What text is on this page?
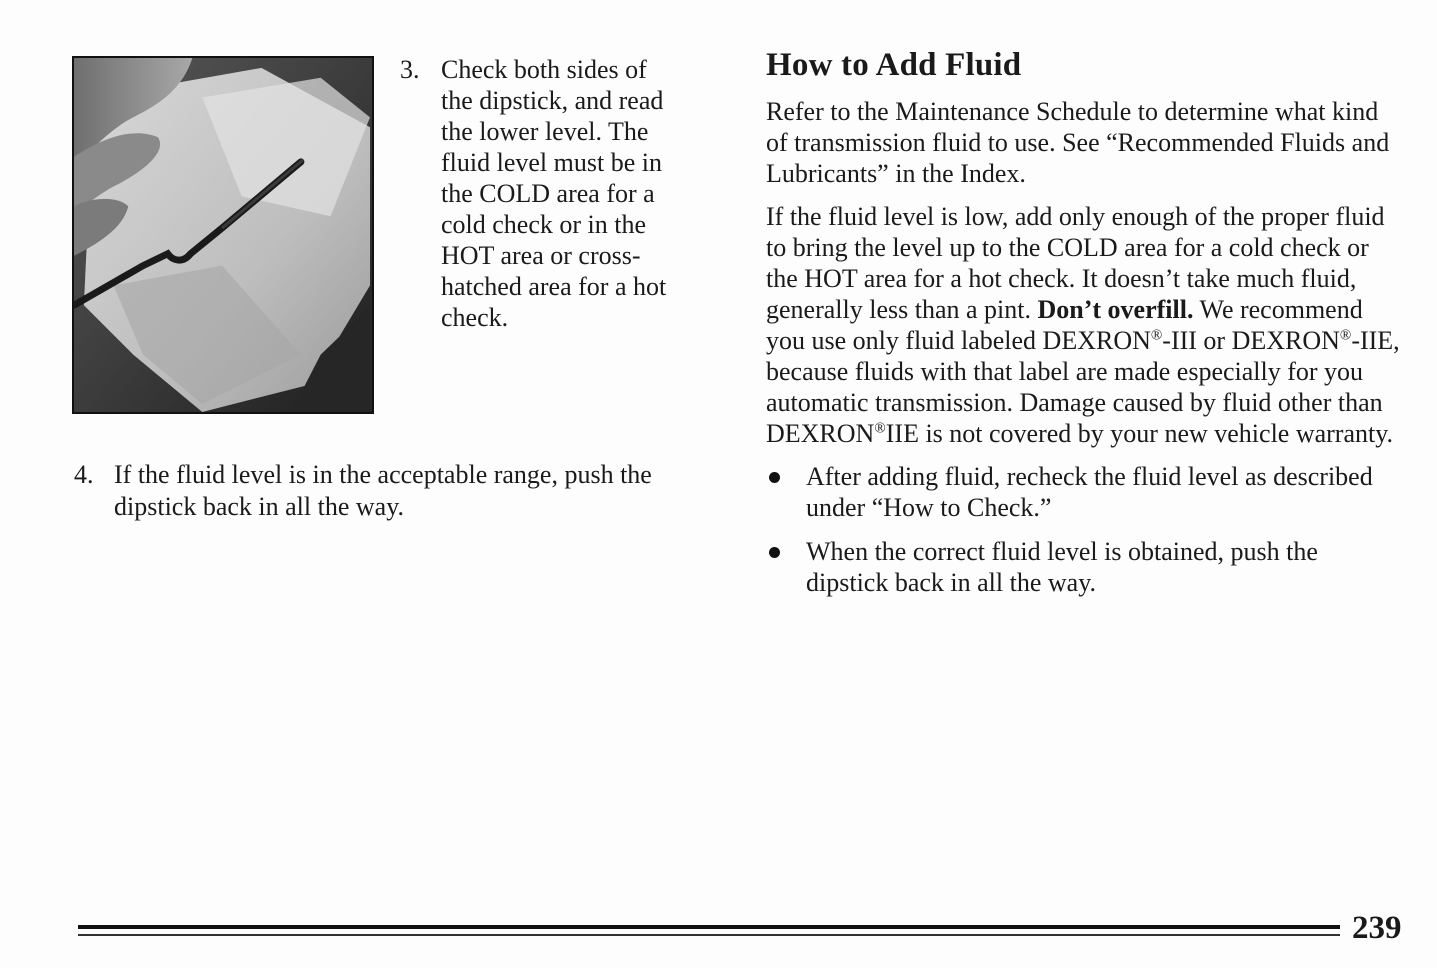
3. Check both sides of the dipstick, and read the lower level. The fluid level must be in the COLD area for a cold check or in the HOT area or cross-hatched area for a hot check.
4. If the fluid level is in the acceptable range, push the dipstick back in all the way.
How to Add Fluid

Refer to the Maintenance Schedule to determine what kind of transmission fluid to use. See “Recommended Fluids and Lubricants” in the Index.

If the fluid level is low, add only enough of the proper fluid to bring the level up to the COLD area for a cold check or the HOT area for a hot check. It doesn’t take much fluid, generally less than a pint. Don’t overfill. We recommend you use only fluid labeled DEXRON®-III or DEXRON®-IIE, because fluids with that label are made especially for you automatic transmission. Damage caused by fluid other than DEXRON®IIE is not covered by your new vehicle warranty.

After adding fluid, recheck the fluid level as described under “How to Check.”
When the correct fluid level is obtained, push the dipstick back in all the way.
239
